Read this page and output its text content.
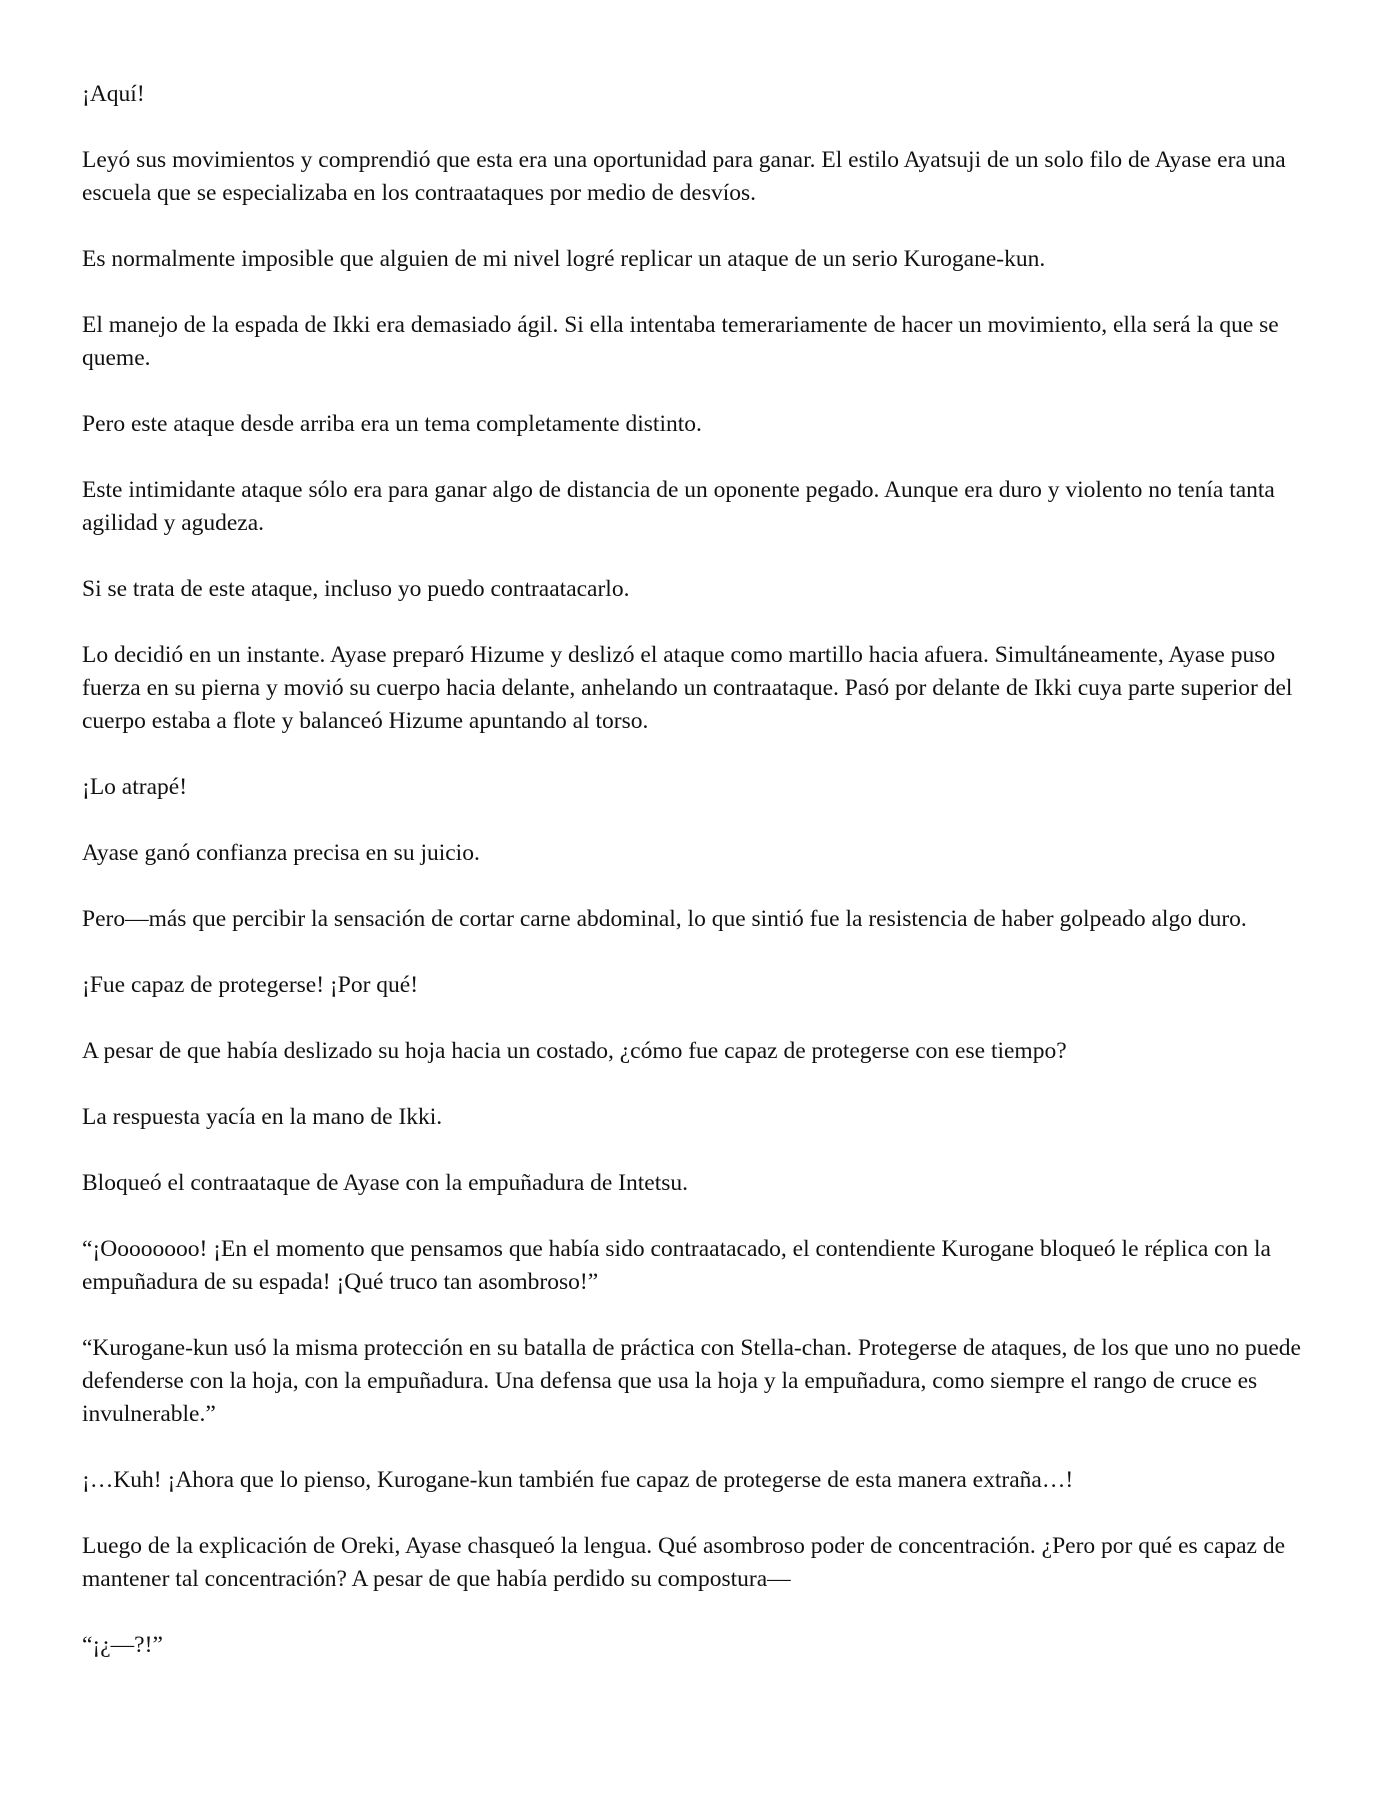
¡Aquí!

Leyó sus movimientos y comprendió que esta era una oportunidad para ganar. El estilo Ayatsuji de un solo filo de Ayase era una escuela que se especializaba en los contraataques por medio de desvíos.

Es normalmente imposible que alguien de mi nivel logré replicar un ataque de un serio Kurogane-kun.

El manejo de la espada de Ikki era demasiado ágil. Si ella intentaba temerariamente de hacer un movimiento, ella será la que se queme.

Pero este ataque desde arriba era un tema completamente distinto.

Este intimidante ataque sólo era para ganar algo de distancia de un oponente pegado. Aunque era duro y violento no tenía tanta agilidad y agudeza.

Si se trata de este ataque, incluso yo puedo contraatacarlo.

Lo decidió en un instante. Ayase preparó Hizume y deslizó el ataque como martillo hacia afuera. Simultáneamente, Ayase puso fuerza en su pierna y movió su cuerpo hacia delante, anhelando un contraataque. Pasó por delante de Ikki cuya parte superior del cuerpo estaba a flote y balanceó Hizume apuntando al torso.

¡Lo atrapé!

Ayase ganó confianza precisa en su juicio.

Pero—más que percibir la sensación de cortar carne abdominal, lo que sintió fue la resistencia de haber golpeado algo duro.

¡Fue capaz de protegerse! ¡Por qué!

A pesar de que había deslizado su hoja hacia un costado, ¿cómo fue capaz de protegerse con ese tiempo?

La respuesta yacía en la mano de Ikki.

Bloqueó el contraataque de Ayase con la empuñadura de Intetsu.

“¡Oooooooo! ¡En el momento que pensamos que había sido contraatacado, el contendiente Kurogane bloqueó le réplica con la empuñadura de su espada! ¡Qué truco tan asombroso!”

“Kurogane-kun usó la misma protección en su batalla de práctica con Stella-chan. Protegerse de ataques, de los que uno no puede defenderse con la hoja, con la empuñadura. Una defensa que usa la hoja y la empuñadura, como siempre el rango de cruce es invulnerable.”

¡…Kuh! ¡Ahora que lo pienso, Kurogane-kun también fue capaz de protegerse de esta manera extraña…!

Luego de la explicación de Oreki, Ayase chasqueó la lengua. Qué asombroso poder de concentración. ¿Pero por qué es capaz de mantener tal concentración? A pesar de que había perdido su compostura—

“¡¿—?!”
